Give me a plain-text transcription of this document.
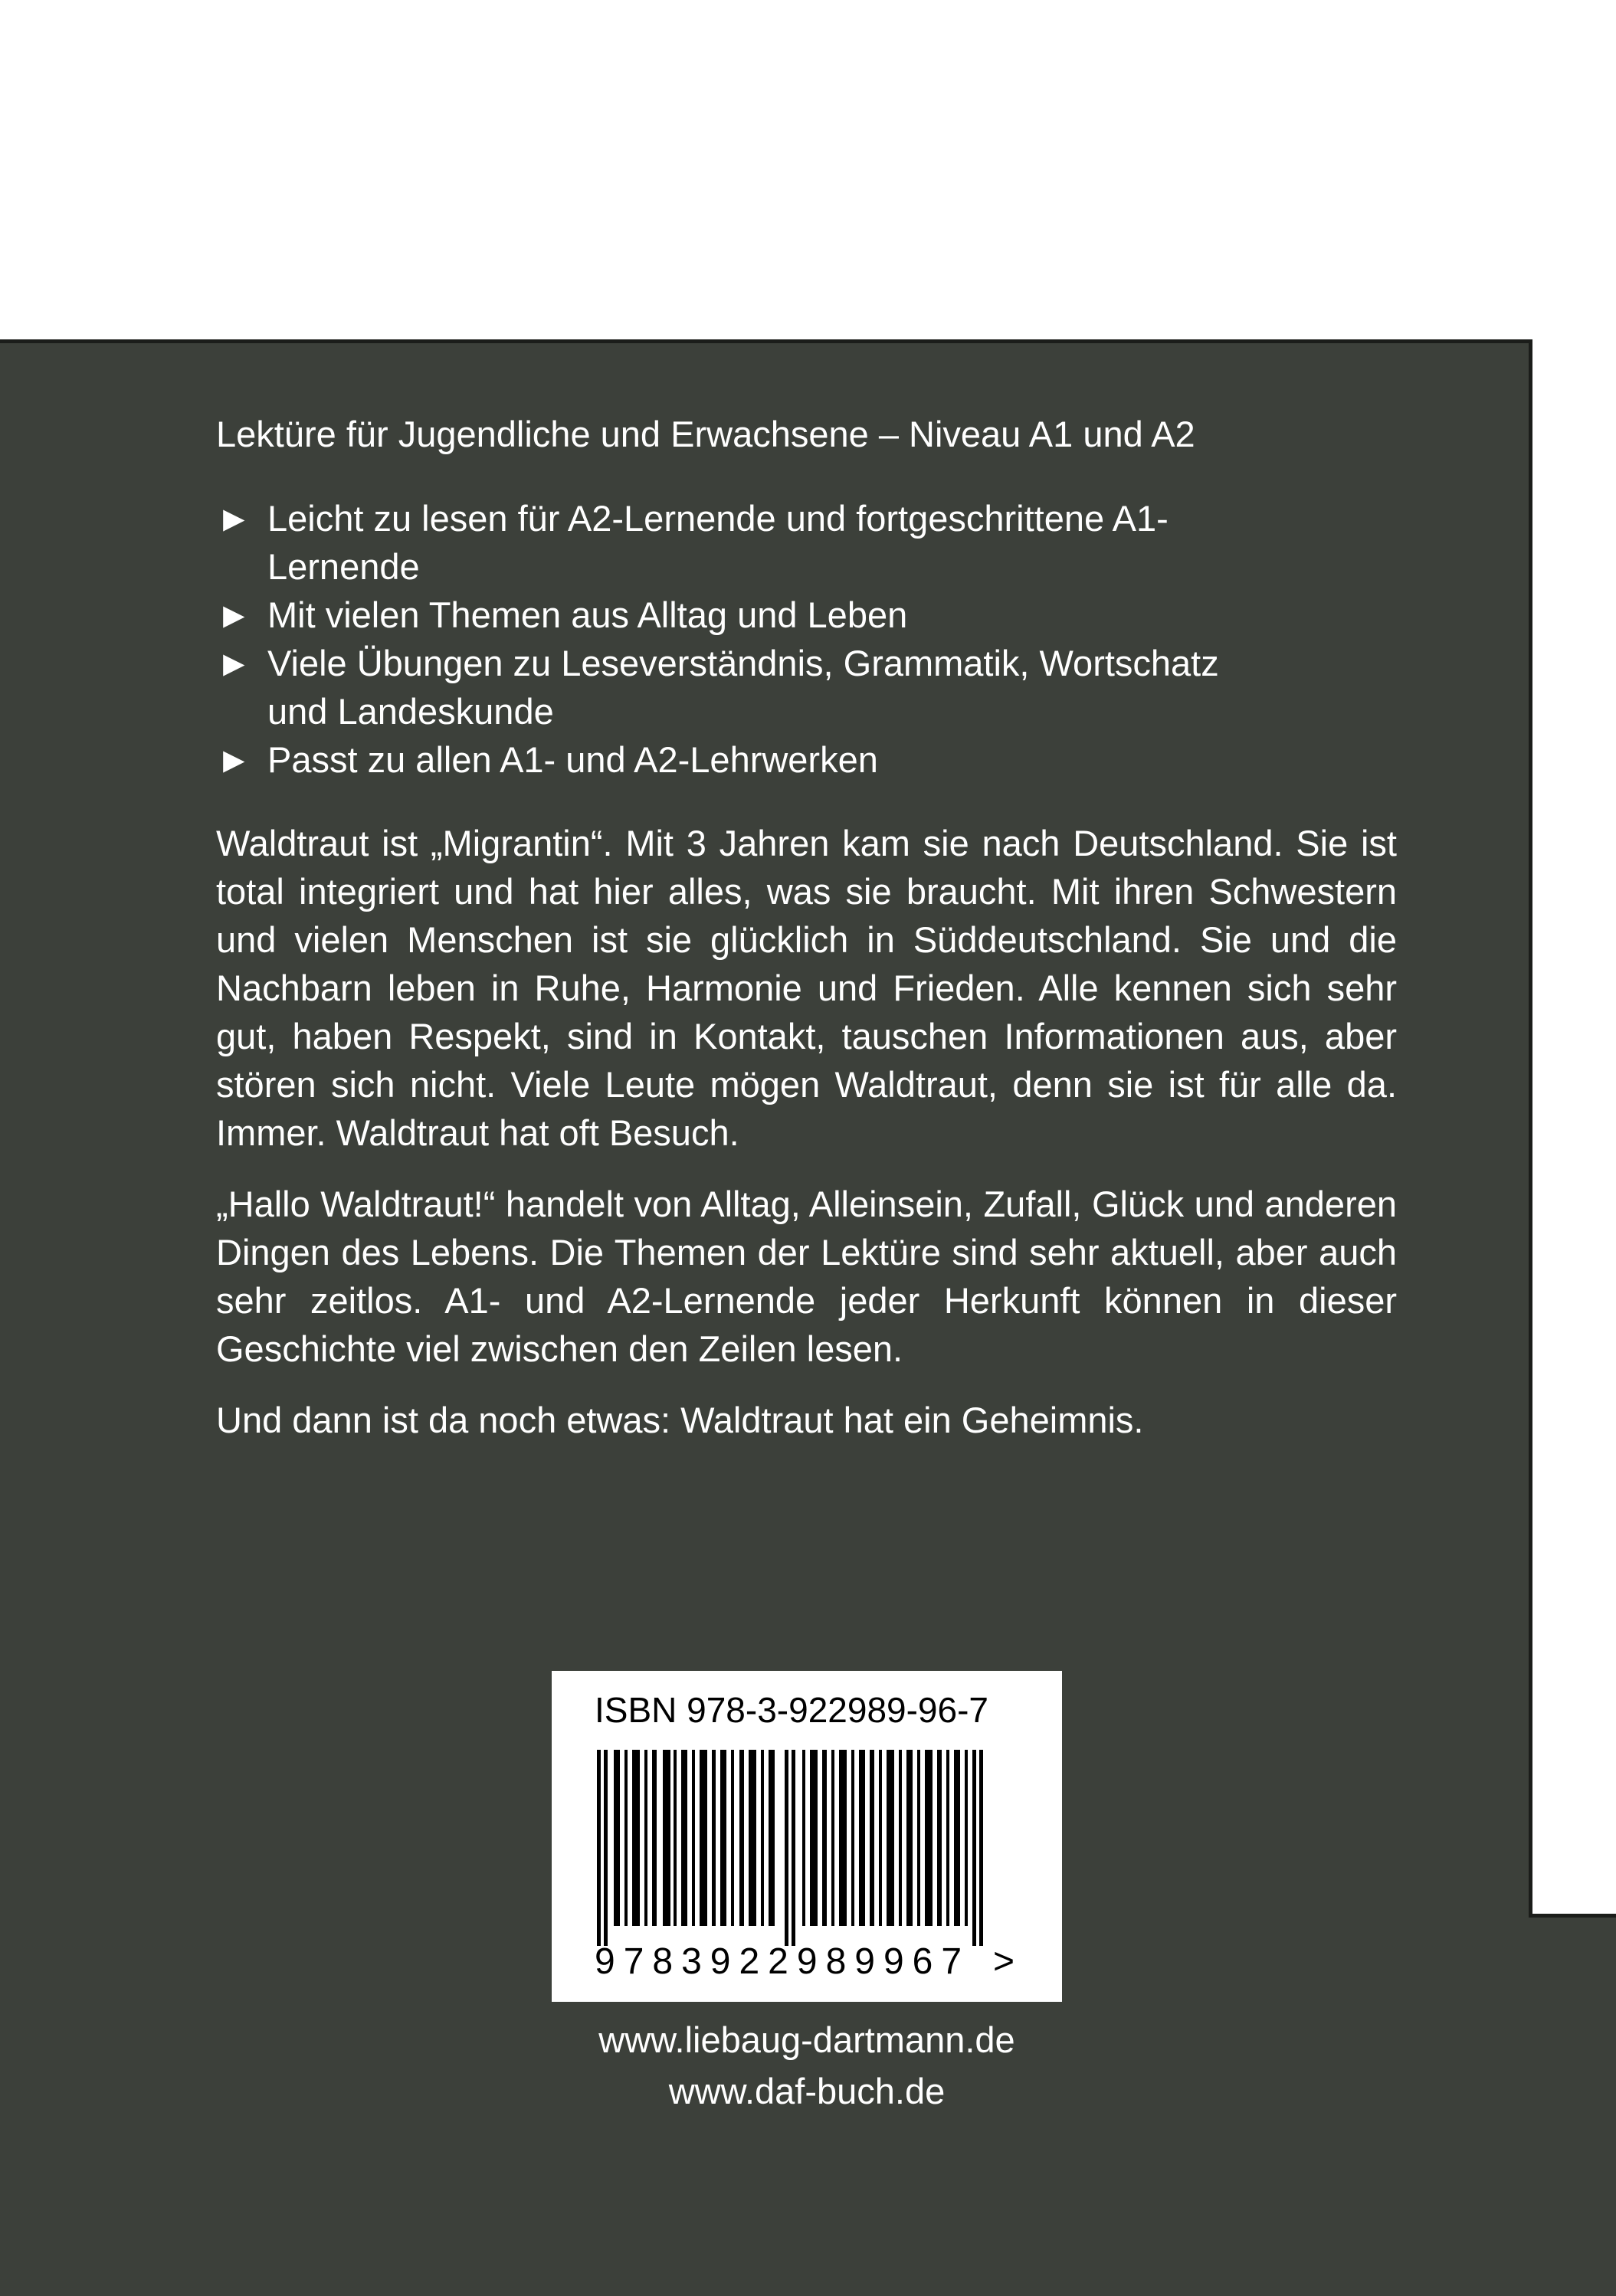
Lektüre für Jugendliche und Erwachsene – Niveau A1 und A2

► Leicht zu lesen für A2-Lernende und fortgeschrittene A1-
Lernende
► Mit vielen Themen aus Alltag und Leben
► Viele Übungen zu Leseverständnis, Grammatik, Wortschatz
und Landeskunde
► Passt zu allen A1- und A2-Lehrwerken

Waldtraut ist „Migrantin“. Mit 3 Jahren kam sie nach Deutschland. Sie ist total integriert und hat hier alles, was sie braucht. Mit ihren Schwestern und vielen Menschen ist sie glücklich in Süddeutschland. Sie und die Nachbarn leben in Ruhe, Harmonie und Frieden. Alle kennen sich sehr gut, haben Respekt, sind in Kontakt, tauschen Informationen aus, aber stören sich nicht. Viele Leute mögen Waldtraut, denn sie ist für alle da. Immer. Waldtraut hat oft Besuch.

„Hallo Waldtraut!“ handelt von Alltag, Alleinsein, Zufall, Glück und anderen Dingen des Lebens. Die Themen der Lektüre sind sehr aktuell, aber auch sehr zeitlos. A1- und A2-Lernende jeder Herkunft können in dieser Geschichte viel zwischen den Zeilen lesen.

Und dann ist da noch etwas: Waldtraut hat ein Geheimnis.

ISBN 978-3-922989-96-7
9783922989967 >
www.liebaug-dartmann.de
www.daf-buch.de
